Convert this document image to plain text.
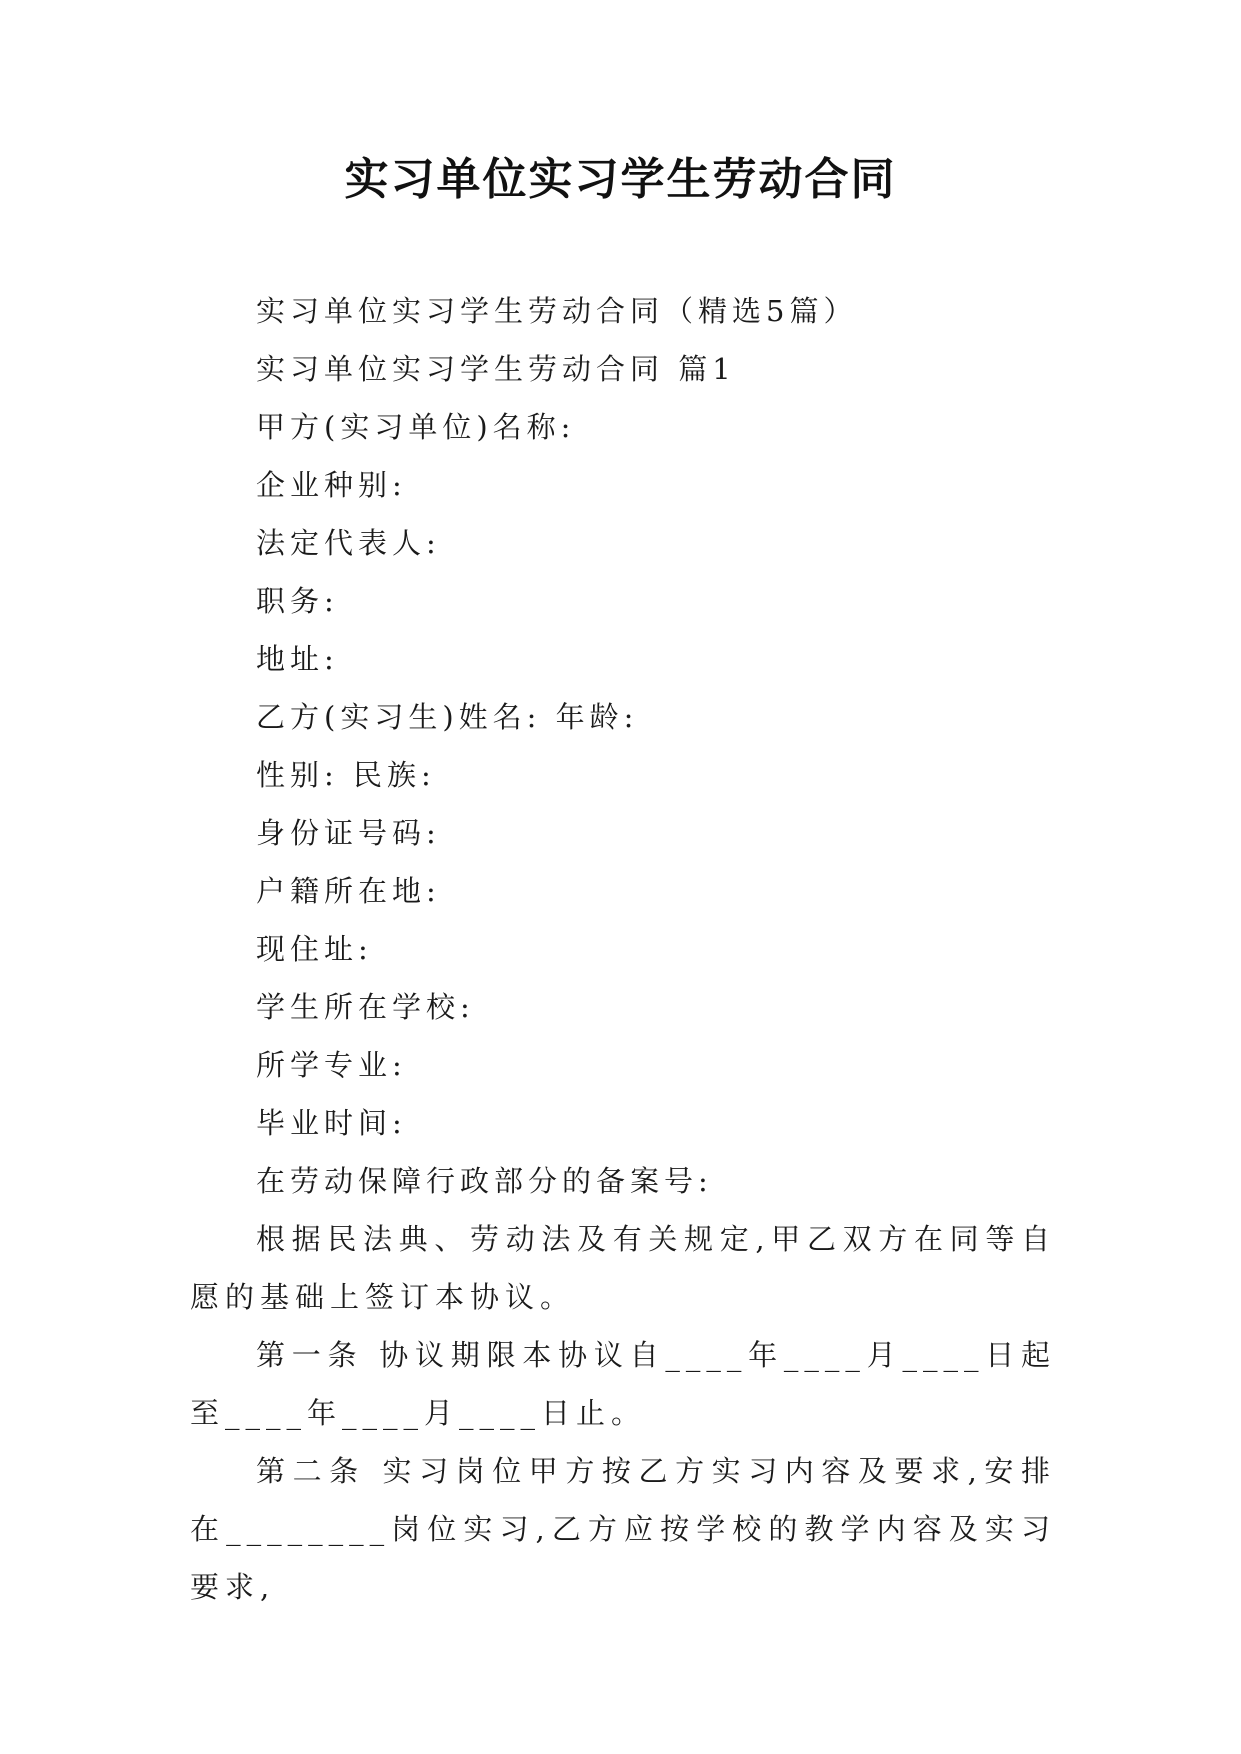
实习单位实习学生劳动合同
实习单位实习学生劳动合同（精选5篇）
实习单位实习学生劳动合同 篇1
甲方(实习单位)名称:
企业种别:
法定代表人:
职务:
地址:
乙方(实习生)姓名: 年龄:
性别: 民族:
身份证号码:
户籍所在地:
现住址:
学生所在学校:
所学专业:
毕业时间:
在劳动保障行政部分的备案号:
根据民法典、劳动法及有关规定,甲乙双方在同等自愿的基础上签订本协议。
第一条 协议期限本协议自____年____月____日起至____年____月____日止。
第二条 实习岗位甲方按乙方实习内容及要求,安排在________岗位实习,乙方应按学校的教学内容及实习要求,
